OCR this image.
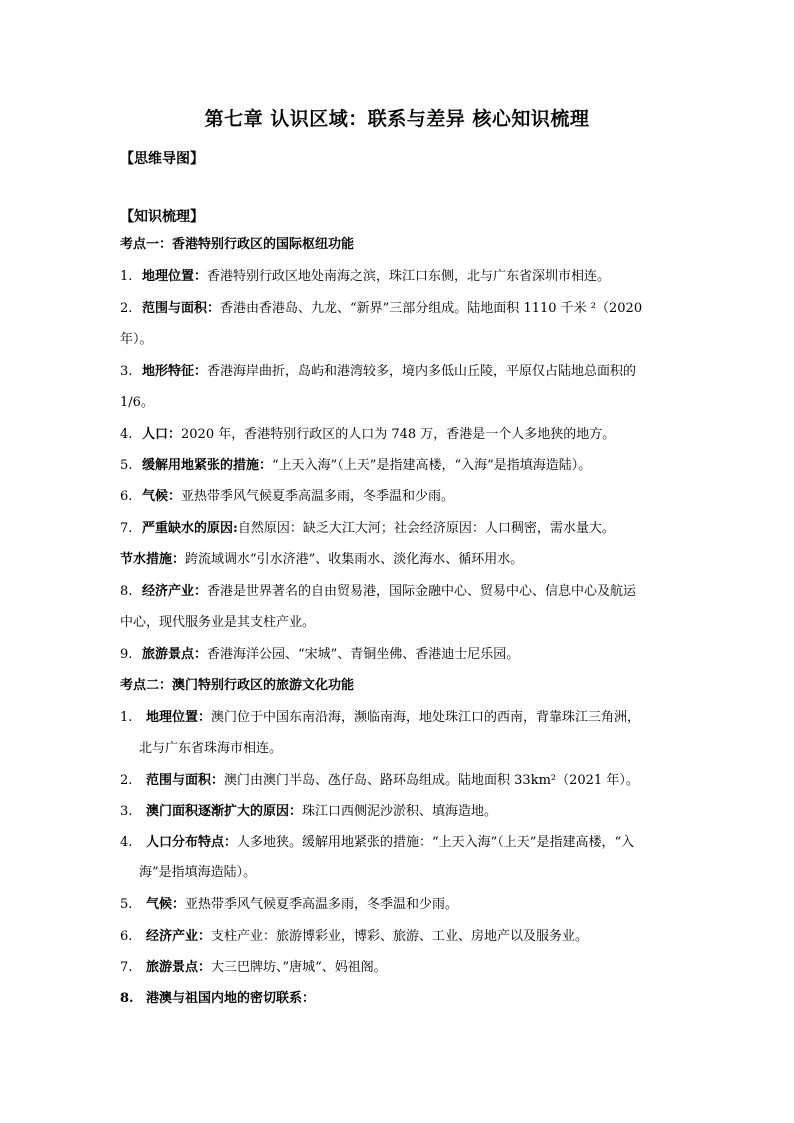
第七章 认识区域：联系与差异 核心知识梳理
【思维导图】
【知识梳理】
考点一：香港特别行政区的国际枢纽功能
1. 地理位置：香港特别行政区地处南海之滨，珠江口东侧，北与广东省深圳市相连。
2. 范围与面积：香港由香港岛、九龙、“新界”三部分组成。陆地面积 1110 千米 ²（2020
年）。
3. 地形特征：香港海岸曲折，岛屿和港湾较多，境内多低山丘陵，平原仅占陆地总面积的
1/6。
4. 人口：2020 年，香港特别行政区的人口为 748 万，香港是一个人多地狭的地方。
5. 缓解用地紧张的措施：“上天入海”（上天”是指建高楼，“入海”是指填海造陆）。
6. 气候：亚热带季风气候夏季高温多雨，冬季温和少雨。
7. 严重缺水的原因:自然原因：缺乏大江大河；社会经济原因：人口稠密，需水量大。
节水措施：跨流域调水“引水济港”、收集雨水、淡化海水、循环用水。
8. 经济产业：香港是世界著名的自由贸易港，国际金融中心、贸易中心、信息中心及航运
中心，现代服务业是其支柱产业。
9. 旅游景点：香港海洋公园、“宋城”、青铜坐佛、香港迪士尼乐园。
考点二：澳门特别行政区的旅游文化功能
1. 地理位置：澳门位于中国东南沿海，濒临南海，地处珠江口的西南，背靠珠江三角洲，
北与广东省珠海市相连。
2. 范围与面积：澳门由澳门半岛、氹仔岛、路环岛组成。陆地面积 33km²（2021 年）。
3. 澳门面积逐渐扩大的原因：珠江口西侧泥沙淤积、填海造地。
4. 人口分布特点：人多地狭。缓解用地紧张的措施：“上天入海”（上天”是指建高楼，“入
海”是指填海造陆）。
5. 气候：亚热带季风气候夏季高温多雨，冬季温和少雨。
6. 经济产业：支柱产业：旅游博彩业，博彩、旅游、工业、房地产以及服务业。
7. 旅游景点：大三巴牌坊、”唐城“、妈祖阁。
8. 港澳与祖国内地的密切联系：
